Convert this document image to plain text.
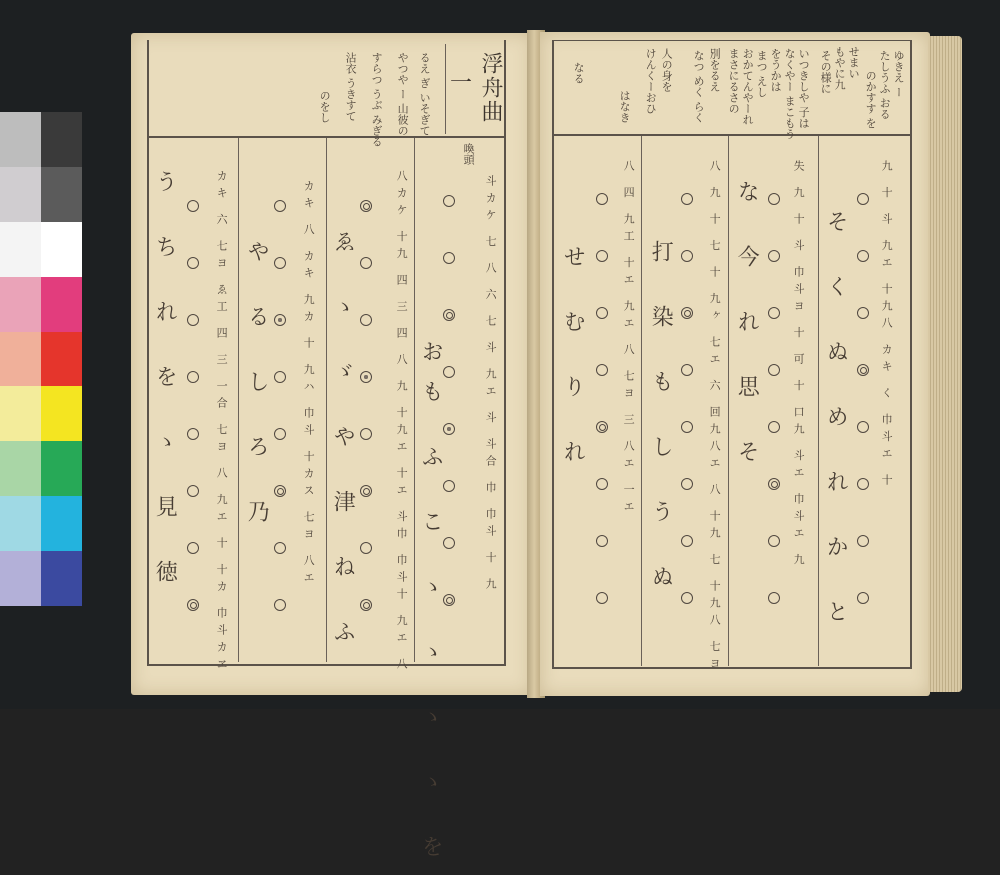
浮舟曲
一
るえ ぎ いそぎて
やつや ー 山彼の
すらつ うぶ みぎる
沾衣 うきすて
のをし
喚頭
斗カケ 七 八 六 七 斗 九エ 斗 斗合 巾 巾斗 十 九
おも ふ こ ゝ ゝ ゝ ゝ を
八カケ 十九 四 三 四 八 九 十九エ 十エ 斗巾 巾斗十 九エ 八
ゑ ゝ ゞ や 津 ね ふ
カキ 八 カキ 九カ 十 九ハ 巾斗 十カス 七ヨ 八エ
や る し ろ 乃
カキ 六 七ヨ ゑ工 四 三 一合 七ヨ 八 九エ 十 十カ 巾斗カヱ
う ち れ を ゝ 見 徳
ゆきえ ー
たしうふ おる
のかすす を
せまい
もやに九
その様に
いつきしや 子は
なくやー まこもう
をうかは
まつ えし
おかてんやーれ
まさにるさの
別をるえ
なつ めく らく
人の身を
けんくーおひ
はなき
なる
九 十 斗 九エ 十九八 カキ く 巾斗エ 十
そ く ぬ め れ か と
失 九 十 斗 巾斗ヨ 十 可 十 口九 斗エ 巾斗エ 九
な 今 れ 思 そ
八 九 十 七 十 九ヶ 七エ 六 回九八エ 八 十九 七 十九八 七ヨ
打 染 も し う ぬ
八 四 九工 十エ 九エ 八 七ヨ 三 八エ 一エ
せ む り れ
